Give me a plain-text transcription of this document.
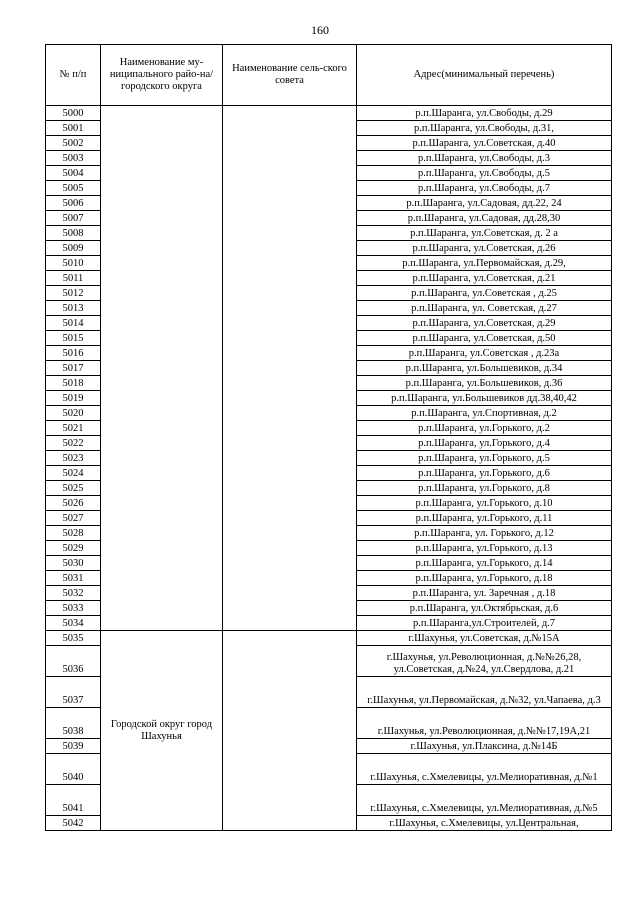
160
№ п/п	Наименование му-ниципального райо-на/ городского округа	Наименование сель-ского совета	Адрес(минимальный перечень)
5000			р.п.Шаранга, ул.Свободы, д.29
5001			р.п.Шаранга, ул.Свободы, д.31,
5002			р.п.Шаранга, ул.Советская, д.40
5003			р.п.Шаранга, ул.Свободы, д.3
5004			р.п.Шаранга, ул.Свободы, д.5
5005			р.п.Шаранга, ул.Свободы, д.7
5006			р.п.Шаранга, ул.Садовая, дд.22, 24
5007			р.п.Шаранга, ул.Садовая, дд.28,30
5008			р.п.Шаранга, ул.Советская, д. 2 а
5009			р.п.Шаранга, ул.Советская, д.26
5010			р.п.Шаранга, ул.Первомайская, д.29,
5011			р.п.Шаранга, ул.Советская, д.21
5012			р.п.Шаранга, ул.Советская , д.25
5013			р.п.Шаранга, ул. Советская, д.27
5014			р.п.Шаранга, ул.Советская, д.29
5015			р.п.Шаранга, ул.Советская, д.50
5016			р.п.Шаранга, ул.Советская , д.23а
5017			р.п.Шаранга, ул.Большевиков, д.34
5018			р.п.Шаранга, ул.Большевиков, д.36
5019			р.п.Шаранга, ул.Большевиков дд.38,40,42
5020			р.п.Шаранга, ул.Спортивная, д.2
5021			р.п.Шаранга, ул.Горького, д.2
5022			р.п.Шаранга, ул.Горького, д.4
5023			р.п.Шаранга, ул.Горького, д.5
5024			р.п.Шаранга, ул.Горького, д.6
5025			р.п.Шаранга, ул.Горького, д.8
5026			р.п.Шаранга, ул.Горького, д.10
5027			р.п.Шаранга, ул.Горького, д.11
5028			р.п.Шаранга, ул. Горького, д.12
5029			р.п.Шаранга, ул.Горького, д.13
5030			р.п.Шаранга, ул.Горького, д.14
5031			р.п.Шаранга, ул.Горького, д.18
5032			р.п.Шаранга, ул. Заречная , д.18
5033			р.п.Шаранга, ул.Октябрьская, д.6
5034			р.п.Шаранга,ул.Строителей, д.7
5035	Городской округ город Шахунья		г.Шахунья, ул.Советская, д.№15А
5036			г.Шахунья, ул.Революционная, д.№№26,28, ул.Советская, д.№24, ул.Свердлова, д.21
5037			г.Шахунья, ул.Первомайская, д.№32, ул.Чапаева, д.3
5038			г.Шахунья, ул.Революционная, д.№№17,19А,21
5039			г.Шахунья, ул.Плаксина, д.№14Б
5040			г.Шахунья, с.Хмелевицы, ул.Мелиоративная, д.№1
5041			г.Шахунья, с.Хмелевицы, ул.Мелиоративная, д.№5
5042			г.Шахунья, с.Хмелевицы, ул.Центральная,
